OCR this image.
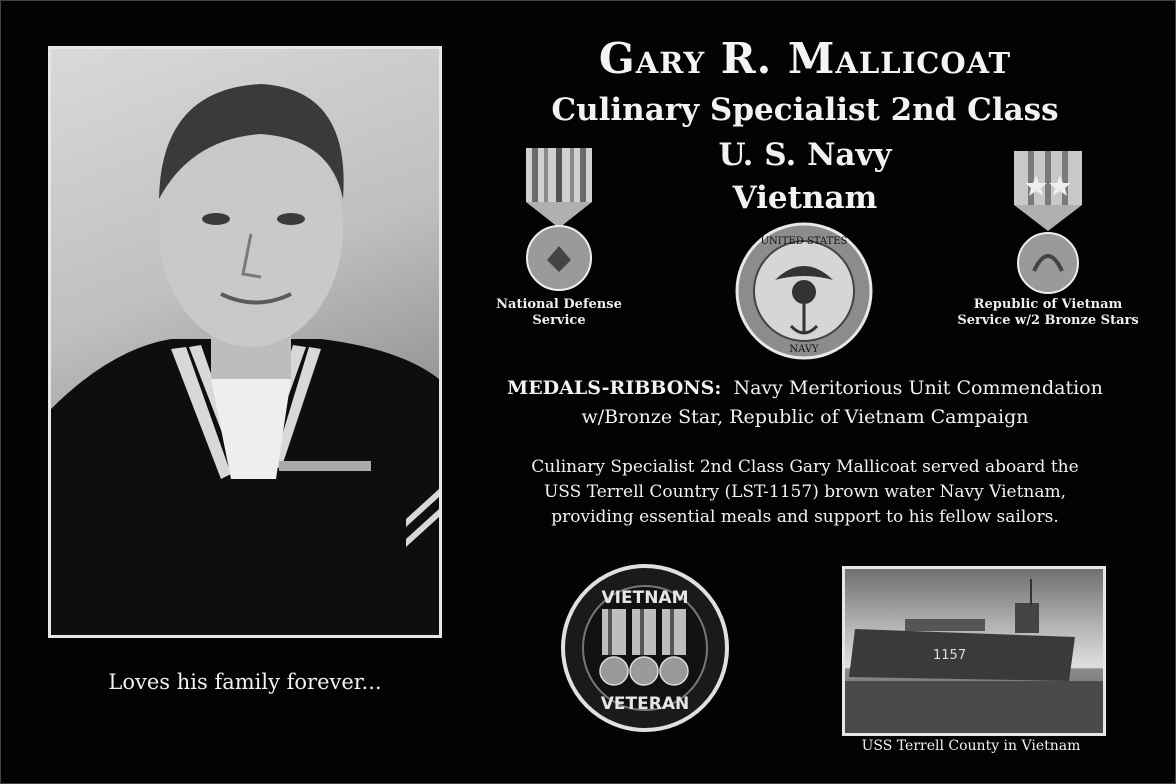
Loves his family forever...
Gary R. Mallicoat
Culinary Specialist 2nd Class
U. S. Navy
Vietnam
National Defense
Service
Republic of Vietnam
Service w/2 Bronze Stars
UNITED STATES
NAVY
MEDALS-RIBBONS: Navy Meritorious Unit Commendation
w/Bronze Star, Republic of Vietnam Campaign
Culinary Specialist 2nd Class Gary Mallicoat served aboard the
USS Terrell Country (LST-1157) brown water Navy Vietnam,
providing essential meals and support to his fellow sailors.
VIETNAM
VETERAN
1157
USS Terrell County in Vietnam
